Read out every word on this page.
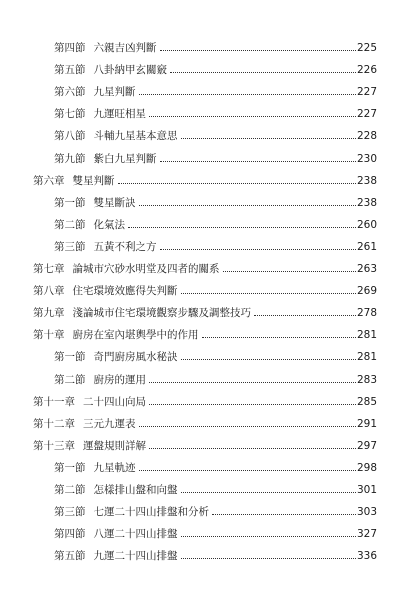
第四節 六親吉凶判斷	225
第五節 八卦納甲玄關竅	226
第六節 九星判斷	227
第七節 九運旺相星	227
第八節 斗輔九星基本意思	228
第九節 紫白九星判斷	230
第六章 雙星判斷	238
第一節 雙星斷訣	238
第二節 化氣法	260
第三節 五黃不利之方	261
第七章 論城市穴砂水明堂及四者的關系	263
第八章 住宅環境效應得失判斷	269
第九章 淺論城市住宅環境觀察步驟及調整技巧	278
第十章 廚房在室內堪輿學中的作用	281
第一節 奇門廚房風水秘訣	281
第二節 廚房的運用	283
第十一章 二十四山向局	285
第十二章 三元九運表	291
第十三章 運盤規則詳解	297
第一節 九星軌迹	298
第二節 怎樣排山盤和向盤	301
第三節 七運二十四山排盤和分析	303
第四節 八運二十四山排盤	327
第五節 九運二十四山排盤	336
